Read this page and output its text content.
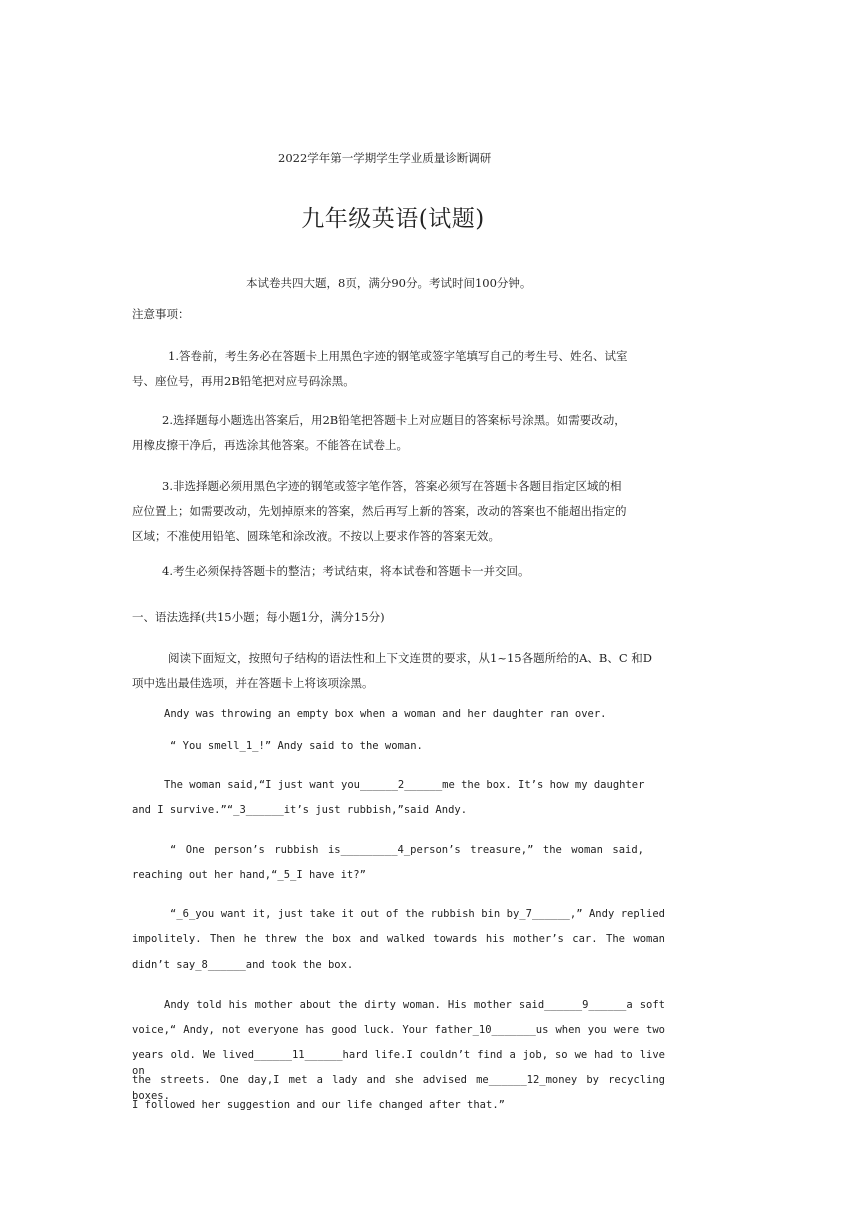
2022学年第一学期学生学业质量诊断调研
九年级英语(试题)
本试卷共四大题，8页，满分90分。考试时间100分钟。
注意事项：
1.答卷前，考生务必在答题卡上用黑色字迹的钢笔或签字笔填写自己的考生号、姓名、试室
号、座位号，再用2B铅笔把对应号码涂黑。
2.选择题每小题选出答案后，用2B铅笔把答题卡上对应题目的答案标号涂黑。如需要改动，
用橡皮擦干净后，再选涂其他答案。不能答在试卷上。
3.非选择题必须用黑色字迹的钢笔或签字笔作答，答案必须写在答题卡各题目指定区域的相
应位置上；如需要改动，先划掉原来的答案，然后再写上新的答案，改动的答案也不能超出指定的
区域；不准使用铅笔、圆珠笔和涂改液。不按以上要求作答的答案无效。
4.考生必须保持答题卡的整洁；考试结束，将本试卷和答题卡一并交回。
一、语法选择(共15小题；每小题1分，满分15分)
阅读下面短文，按照句子结构的语法性和上下文连贯的要求，从1~15各题所给的A、B、C 和D
项中选出最佳选项，并在答题卡上将该项涂黑。
Andy was throwing an empty box when a woman and her daughter ran over.
“ You smell_1_!” Andy said to the woman.
The woman said,“I just want you______2______me the box. It’s how my daughter
and I survive.”“_3______it’s just rubbish,”said Andy.
“ One person’s rubbish is_________4_person’s treasure,” the woman said,
reaching out her hand,“_5_I have it?”
“_6_you want it, just take it out of the rubbish bin by_7______,” Andy replied
impolitely. Then he threw the box and walked towards his mother’s car. The woman
didn’t say_8______and took the box.
Andy told his mother about the dirty woman. His mother said______9______a soft
voice,“ Andy, not everyone has good luck. Your father_10_______us when you were two
years old. We lived______11______hard life.I couldn’t find a job, so we had to live on
the streets. One day,I met a lady and she advised me______12_money by recycling boxes.
I followed her suggestion and our life changed after that.”
